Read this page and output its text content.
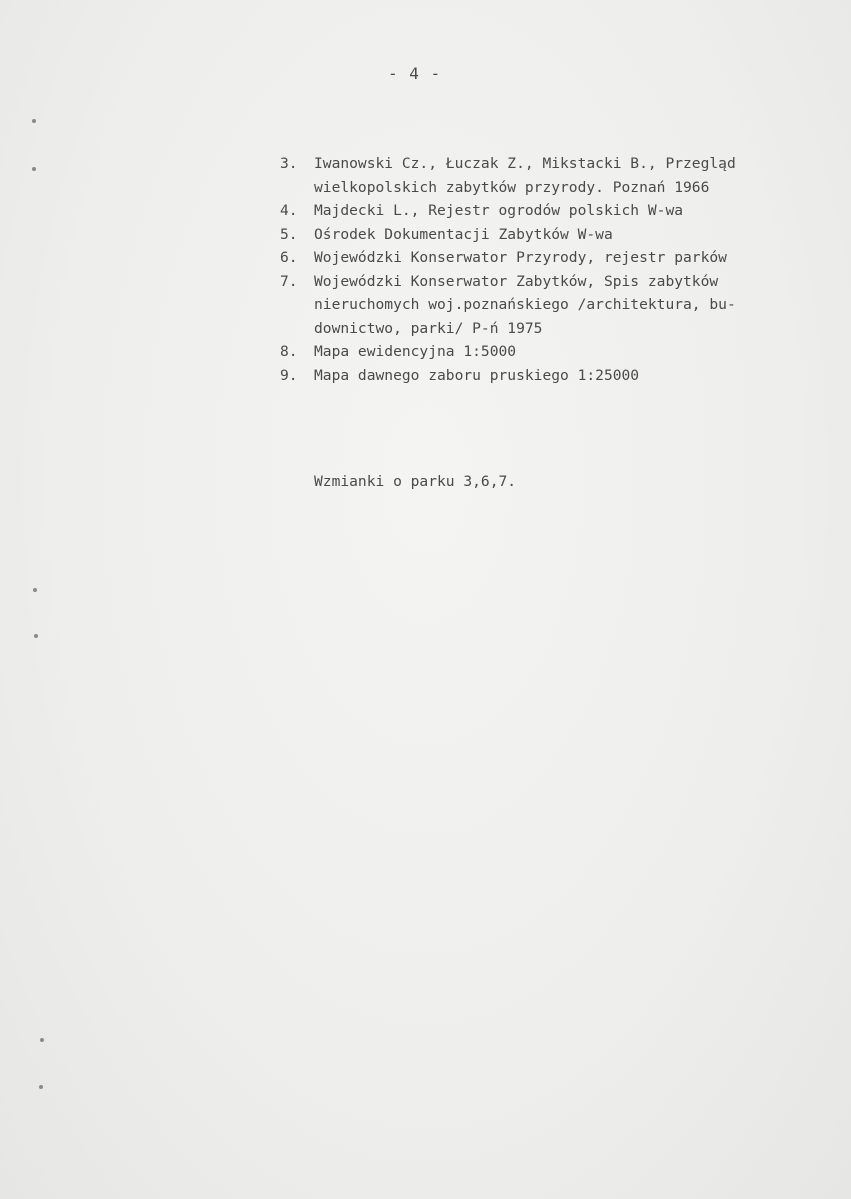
- 4 -
3.	Iwanowski Cz., Łuczak Z., Mikstacki B., Przegląd
wielkopolskich zabytków przyrody. Poznań 1966
4.	Majdecki L., Rejestr ogrodów polskich W-wa
5.	Ośrodek Dokumentacji Zabytków W-wa
6.	Wojewódzki Konserwator Przyrody, rejestr parków
7.	Wojewódzki Konserwator Zabytków, Spis zabytków
nieruchomych woj.poznańskiego /architektura, bu-
downictwo, parki/ P-ń 1975
8.	Mapa ewidencyjna 1:5000
9.	Mapa dawnego zaboru pruskiego 1:25000
Wzmianki o parku 3,6,7.
